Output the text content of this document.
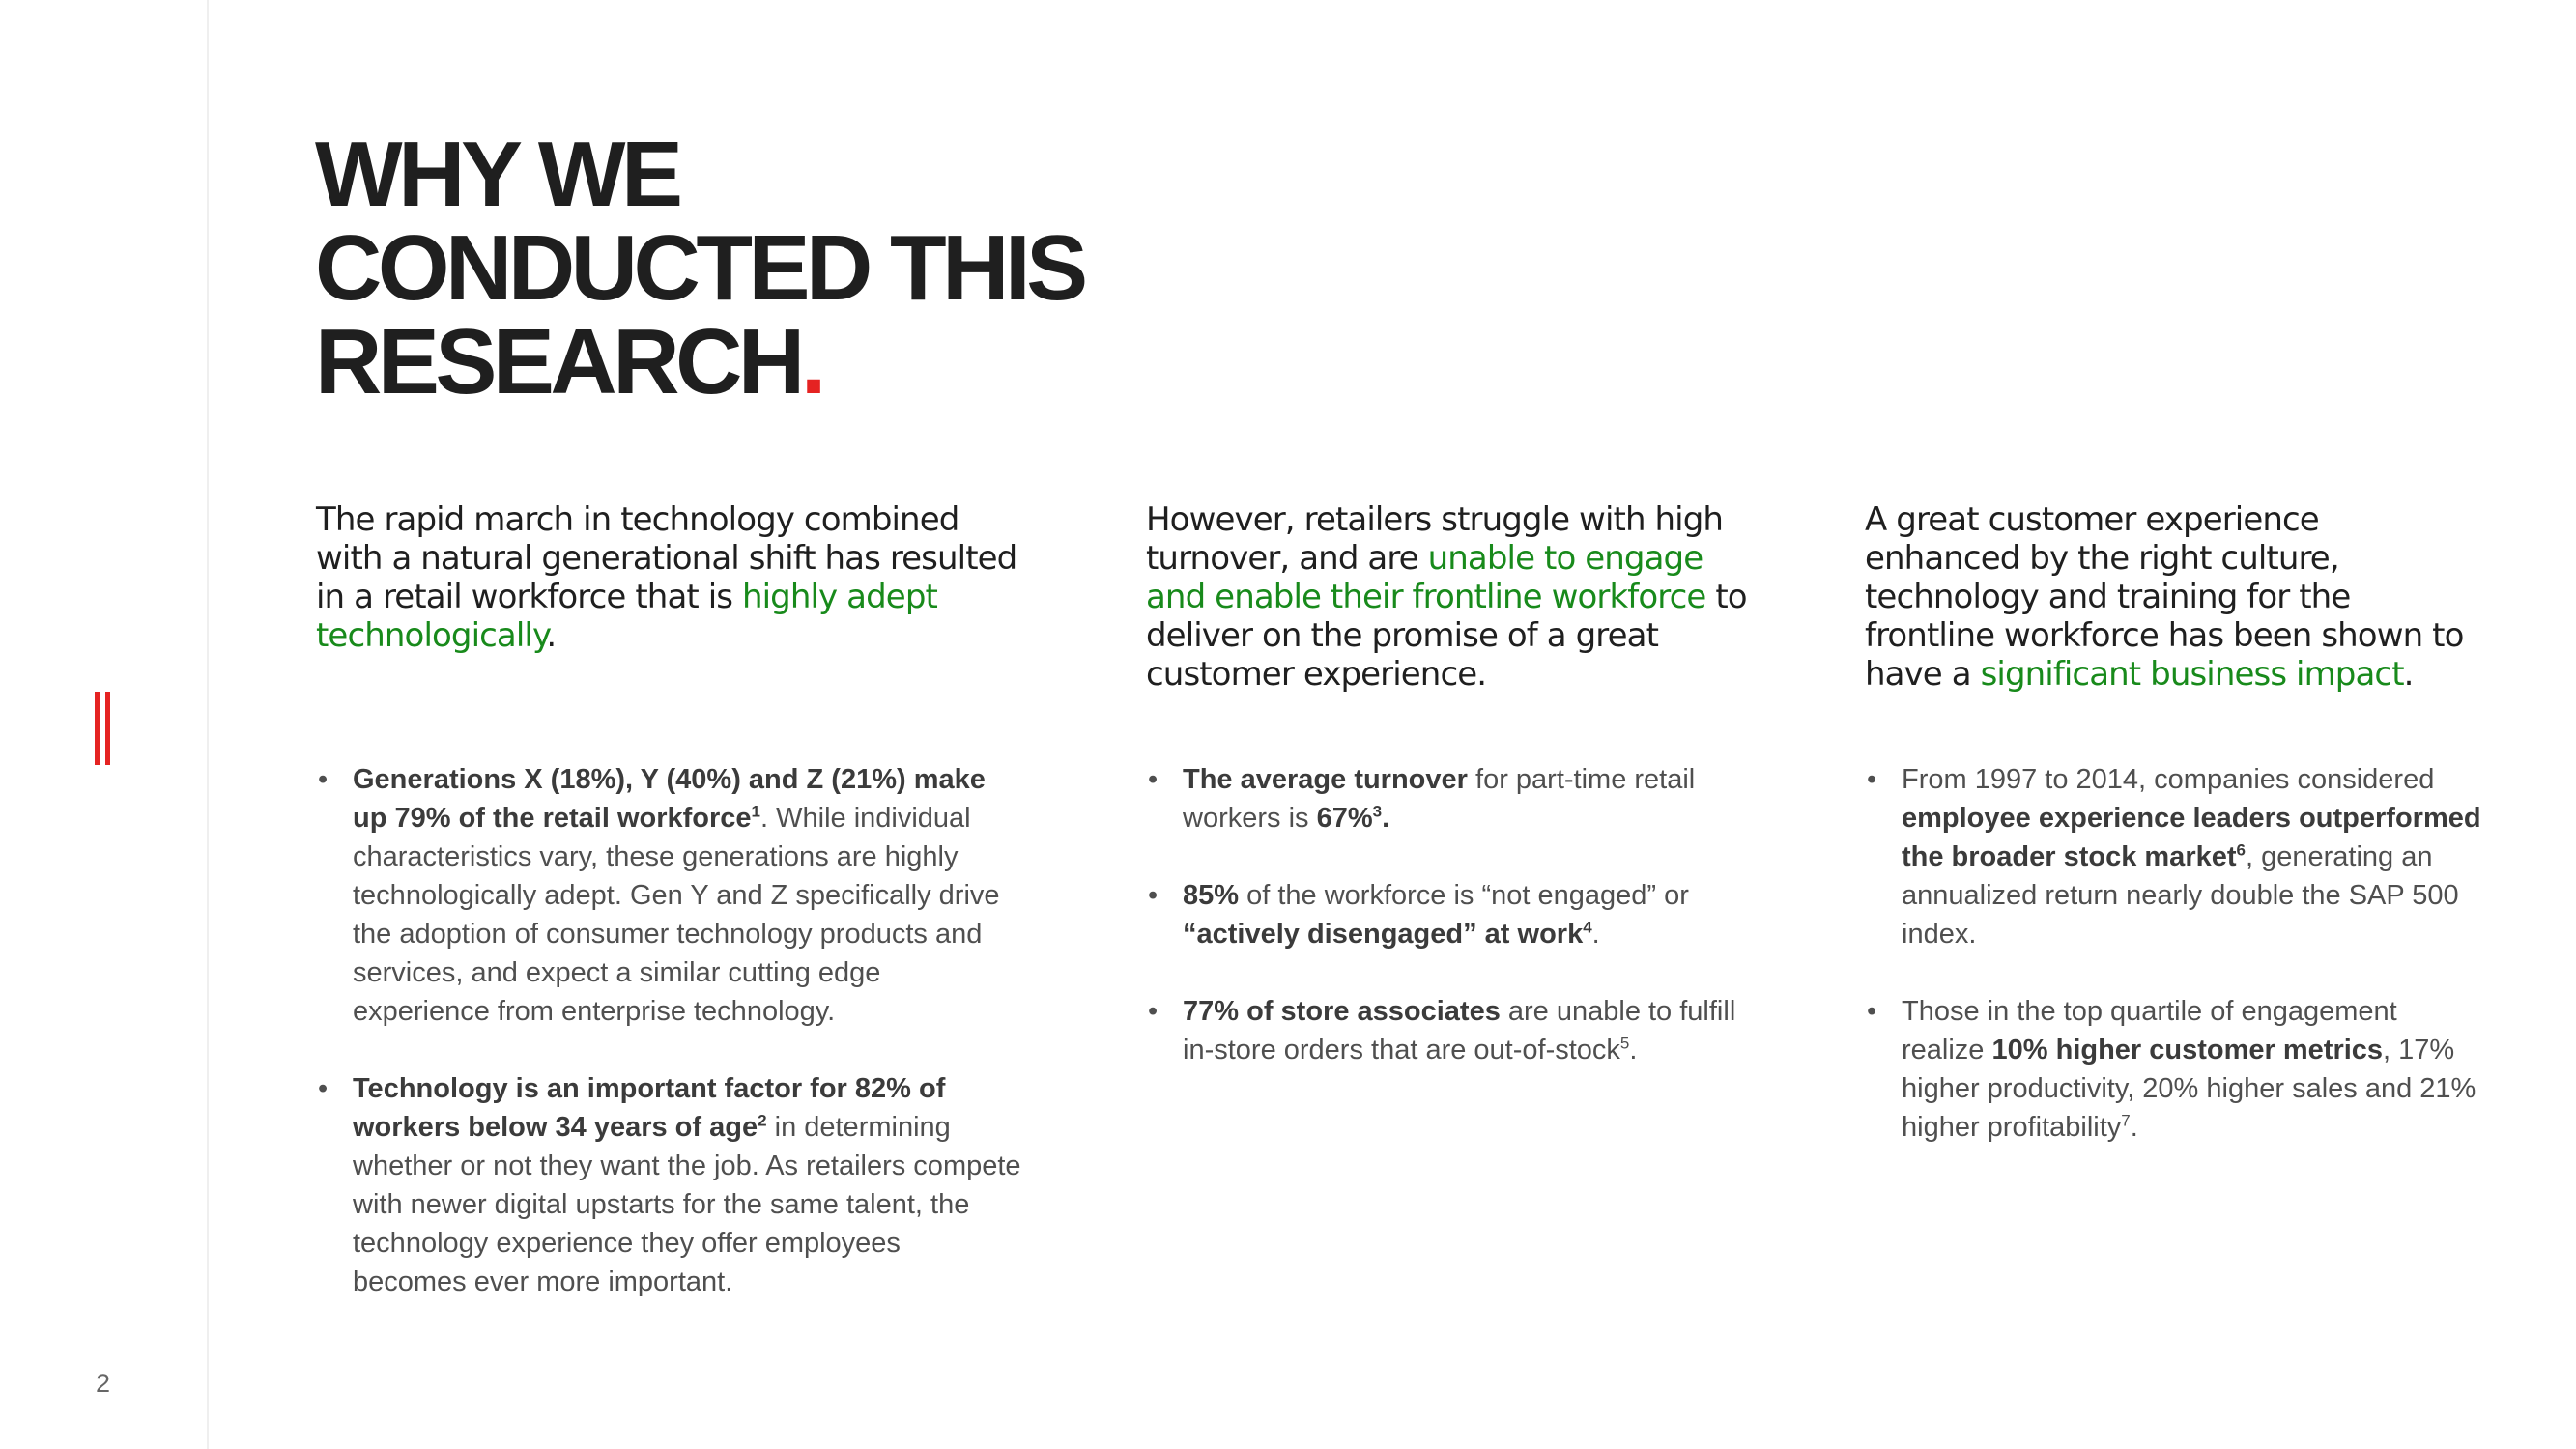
2
WHY WE
CONDUCTED THIS
RESEARCH.

The rapid march in technology combined with a natural generational shift has resulted in a retail workforce that is highly adept technologically.

• Generations X (18%), Y (40%) and Z (21%) make up 79% of the retail workforce$^1$. While individual characteristics vary, these generations are highly technologically adept. Gen Y and Z specifically drive the adoption of consumer technology products and services, and expect a similar cutting edge experience from enterprise technology.
• Technology is an important factor for 82% of workers below 34 years of age$^2$ in determining whether or not they want the job. As retailers compete with newer digital upstarts for the same talent, the technology experience they offer employees becomes ever more important.

However, retailers struggle with high turnover, and are unable to engage and enable their frontline workforce to deliver on the promise of a great customer experience.

• The average turnover for part-time retail workers is 67%$^3$.
• 85% of the workforce is “not engaged” or “actively disengaged” at work$^4$.
• 77% of store associates are unable to fulfill in-store orders that are out-of-stock$^5$.

A great customer experience enhanced by the right culture, technology and training for the frontline workforce has been shown to have a significant business impact.

• From 1997 to 2014, companies considered employee experience leaders outperformed the broader stock market$^6$, generating an annualized return nearly double the SAP 500 index.
• Those in the top quartile of engagement realize 10% higher customer metrics, 17% higher productivity, 20% higher sales and 21% higher profitability$^7$.
